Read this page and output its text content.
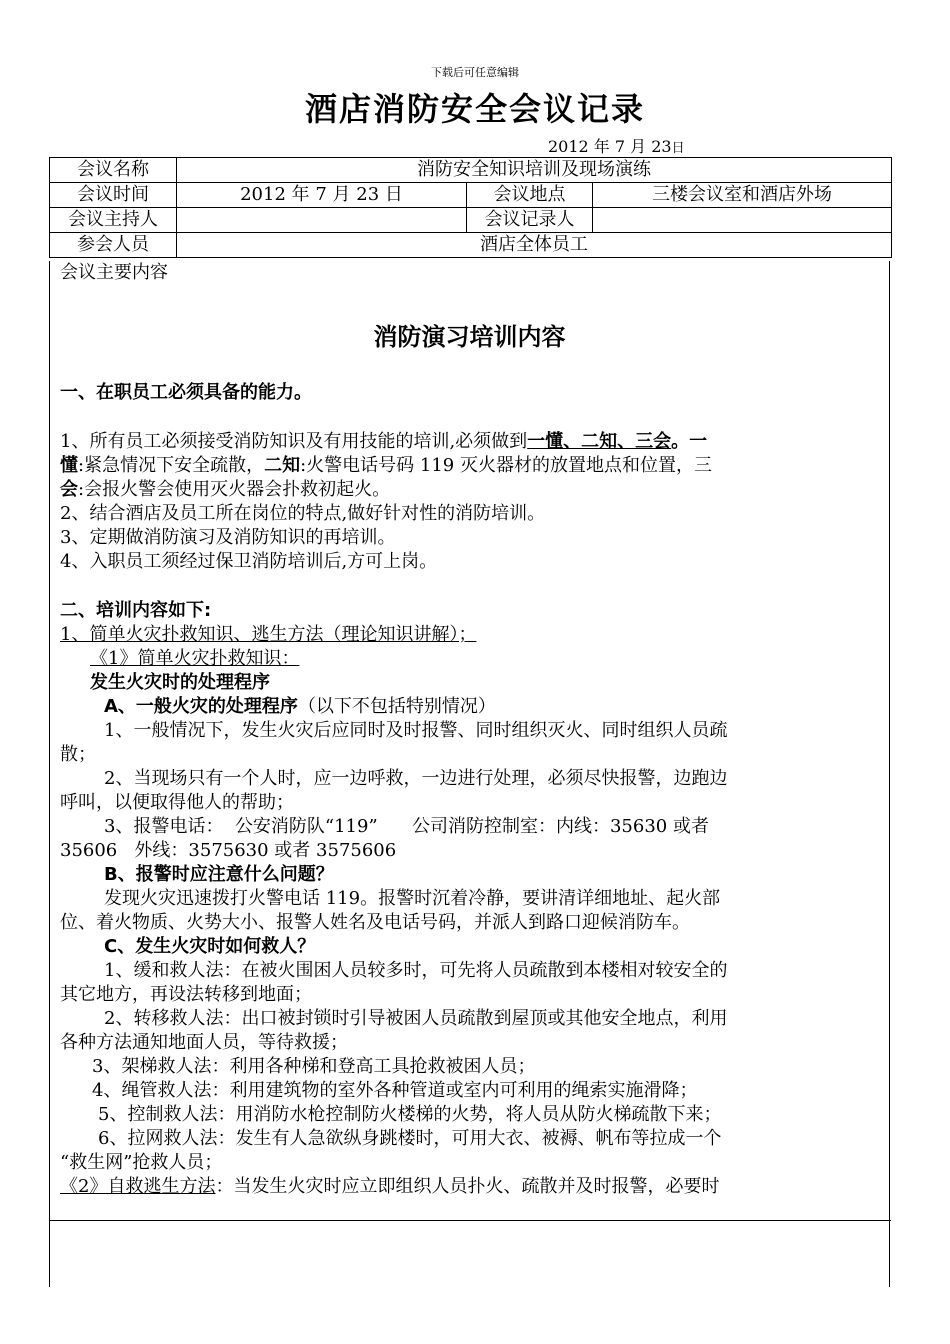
下载后可任意编辑
酒店消防安全会议记录
2012 年 7 月 23日
会议名称	消防安全知识培训及现场演练		
会议时间	2012 年 7 月 23 日	会议地点	三楼会议室和酒店外场
会议主持人		会议记录人	
参会人员	酒店全体员工		
会议主要内容
消防演习培训内容
一、在职员工必须具备的能力。
1、所有员工必须接受消防知识及有用技能的培训,必须做到一懂、二知、三会。一
懂:紧急情况下安全疏散，二知:火警电话号码 119 灭火器材的放置地点和位置，三
会:会报火警会使用灭火器会扑救初起火。
2、结合酒店及员工所在岗位的特点,做好针对性的消防培训。
3、定期做消防演习及消防知识的再培训。
4、入职员工须经过保卫消防培训后,方可上岗。
二、培训内容如下:
1、简单火灾扑救知识、逃生方法（理论知识讲解）；
《1》简单火灾扑救知识：
发生火灾时的处理程序
A、一般火灾的处理程序（以下不包括特别情况）
1、一般情况下，发生火灾后应同时及时报警、同时组织灭火、同时组织人员疏
散；
2、当现场只有一个人时，应一边呼救，一边进行处理，必须尽快报警，边跑边
呼叫，以便取得他人的帮助；
3、报警电话：  公安消防队“119”      公司消防控制室：内线：35630 或者
35606   外线：3575630 或者 3575606
B、报警时应注意什么问题？
发现火灾迅速拨打火警电话 119。报警时沉着冷静，要讲清详细地址、起火部
位、着火物质、火势大小、报警人姓名及电话号码，并派人到路口迎候消防车。
C、发生火灾时如何救人？
1、缓和救人法：在被火围困人员较多时，可先将人员疏散到本楼相对较安全的
其它地方，再设法转移到地面；
2、转移救人法：出口被封锁时引导被困人员疏散到屋顶或其他安全地点，利用
各种方法通知地面人员，等待救援；
3、架梯救人法：利用各种梯和登高工具抢救被困人员；
4、绳管救人法：利用建筑物的室外各种管道或室内可利用的绳索实施滑降；
5、控制救人法：用消防水枪控制防火楼梯的火势，将人员从防火梯疏散下来；
6、拉网救人法：发生有人急欲纵身跳楼时，可用大衣、被褥、帆布等拉成一个
“救生网”抢救人员；
《2》自救逃生方法：当发生火灾时应立即组织人员扑火、疏散并及时报警，必要时
